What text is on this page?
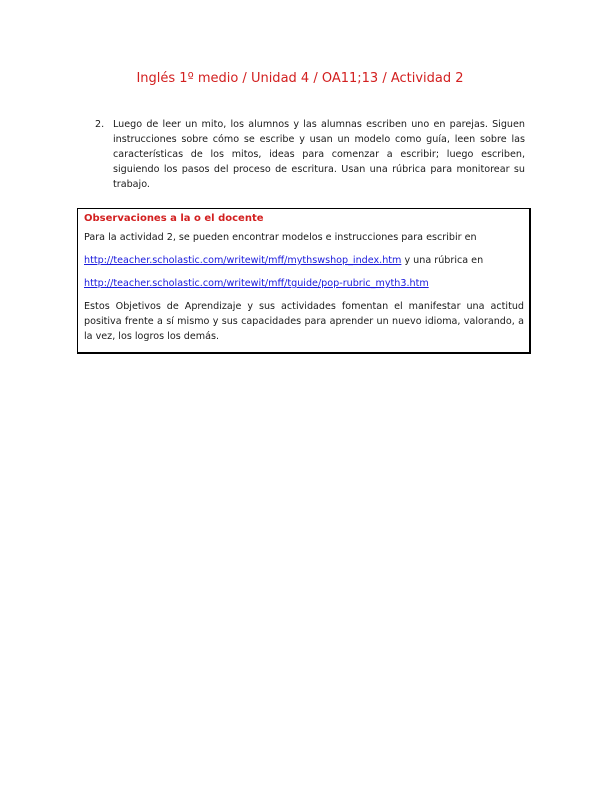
Inglés 1º medio / Unidad 4 / OA11;13 / Actividad 2
2. Luego de leer un mito, los alumnos y las alumnas escriben uno en parejas. Siguen instrucciones sobre cómo se escribe y usan un modelo como guía, leen sobre las características de los mitos, ideas para comenzar a escribir; luego escriben, siguiendo los pasos del proceso de escritura. Usan una rúbrica para monitorear su trabajo.
Observaciones a la o el docente

Para la actividad 2, se pueden encontrar modelos e instrucciones para escribir en

http://teacher.scholastic.com/writewit/mff/mythswshop_index.htm y una rúbrica en

http://teacher.scholastic.com/writewit/mff/tguide/pop-rubric_myth3.htm

Estos Objetivos de Aprendizaje y sus actividades fomentan el manifestar una actitud positiva frente a sí mismo y sus capacidades para aprender un nuevo idioma, valorando, a la vez, los logros los demás.
